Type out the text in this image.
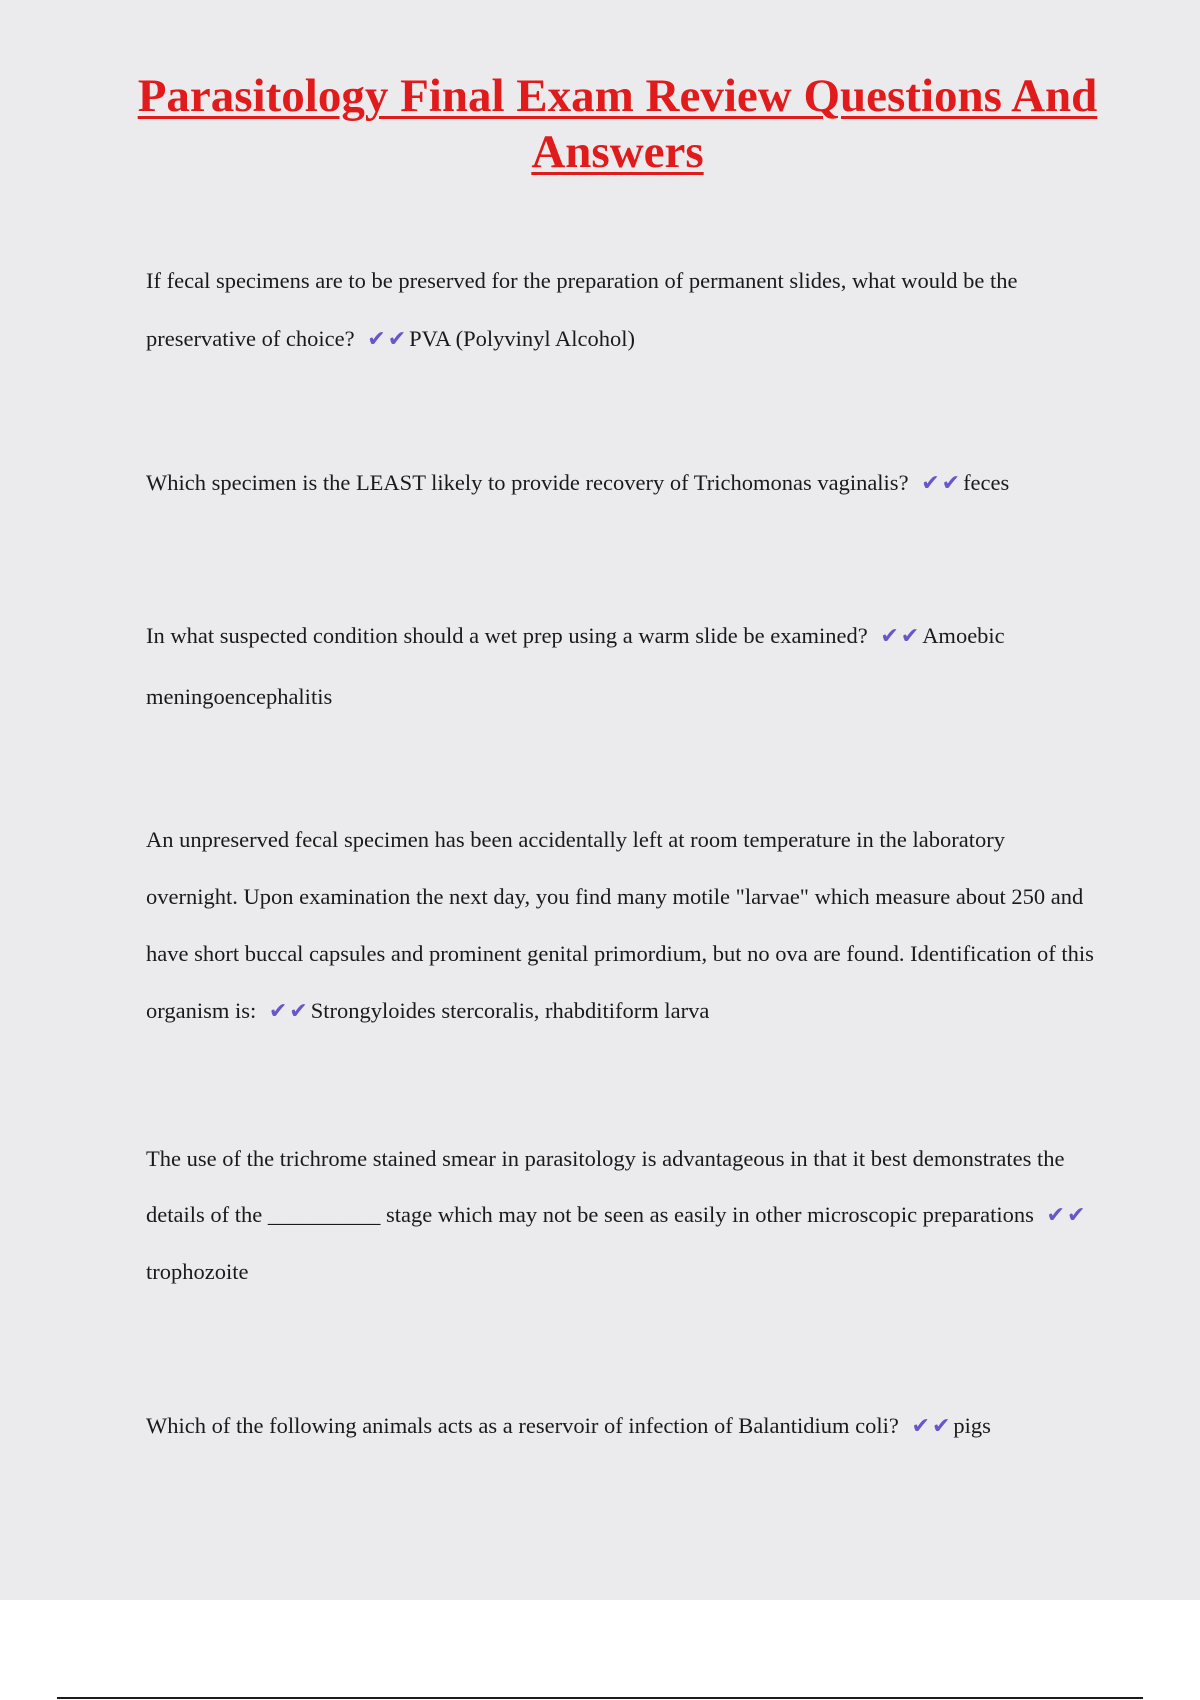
Parasitology Final Exam Review Questions And Answers

If fecal specimens are to be preserved for the preparation of permanent slides, what would be the preservative of choice? ✔✔ PVA (Polyvinyl Alcohol)

Which specimen is the LEAST likely to provide recovery of Trichomonas vaginalis? ✔✔ feces

In what suspected condition should a wet prep using a warm slide be examined? ✔✔ Amoebic meningoencephalitis

An unpreserved fecal specimen has been accidentally left at room temperature in the laboratory overnight. Upon examination the next day, you find many motile "larvae" which measure about 250 and have short buccal capsules and prominent genital primordium, but no ova are found. Identification of this organism is: ✔✔ Strongyloides stercoralis, rhabditiform larva

The use of the trichrome stained smear in parasitology is advantageous in that it best demonstrates the details of the __________ stage which may not be seen as easily in other microscopic preparations ✔✔trophozoite

Which of the following animals acts as a reservoir of infection of Balantidium coli? ✔✔ pigs
